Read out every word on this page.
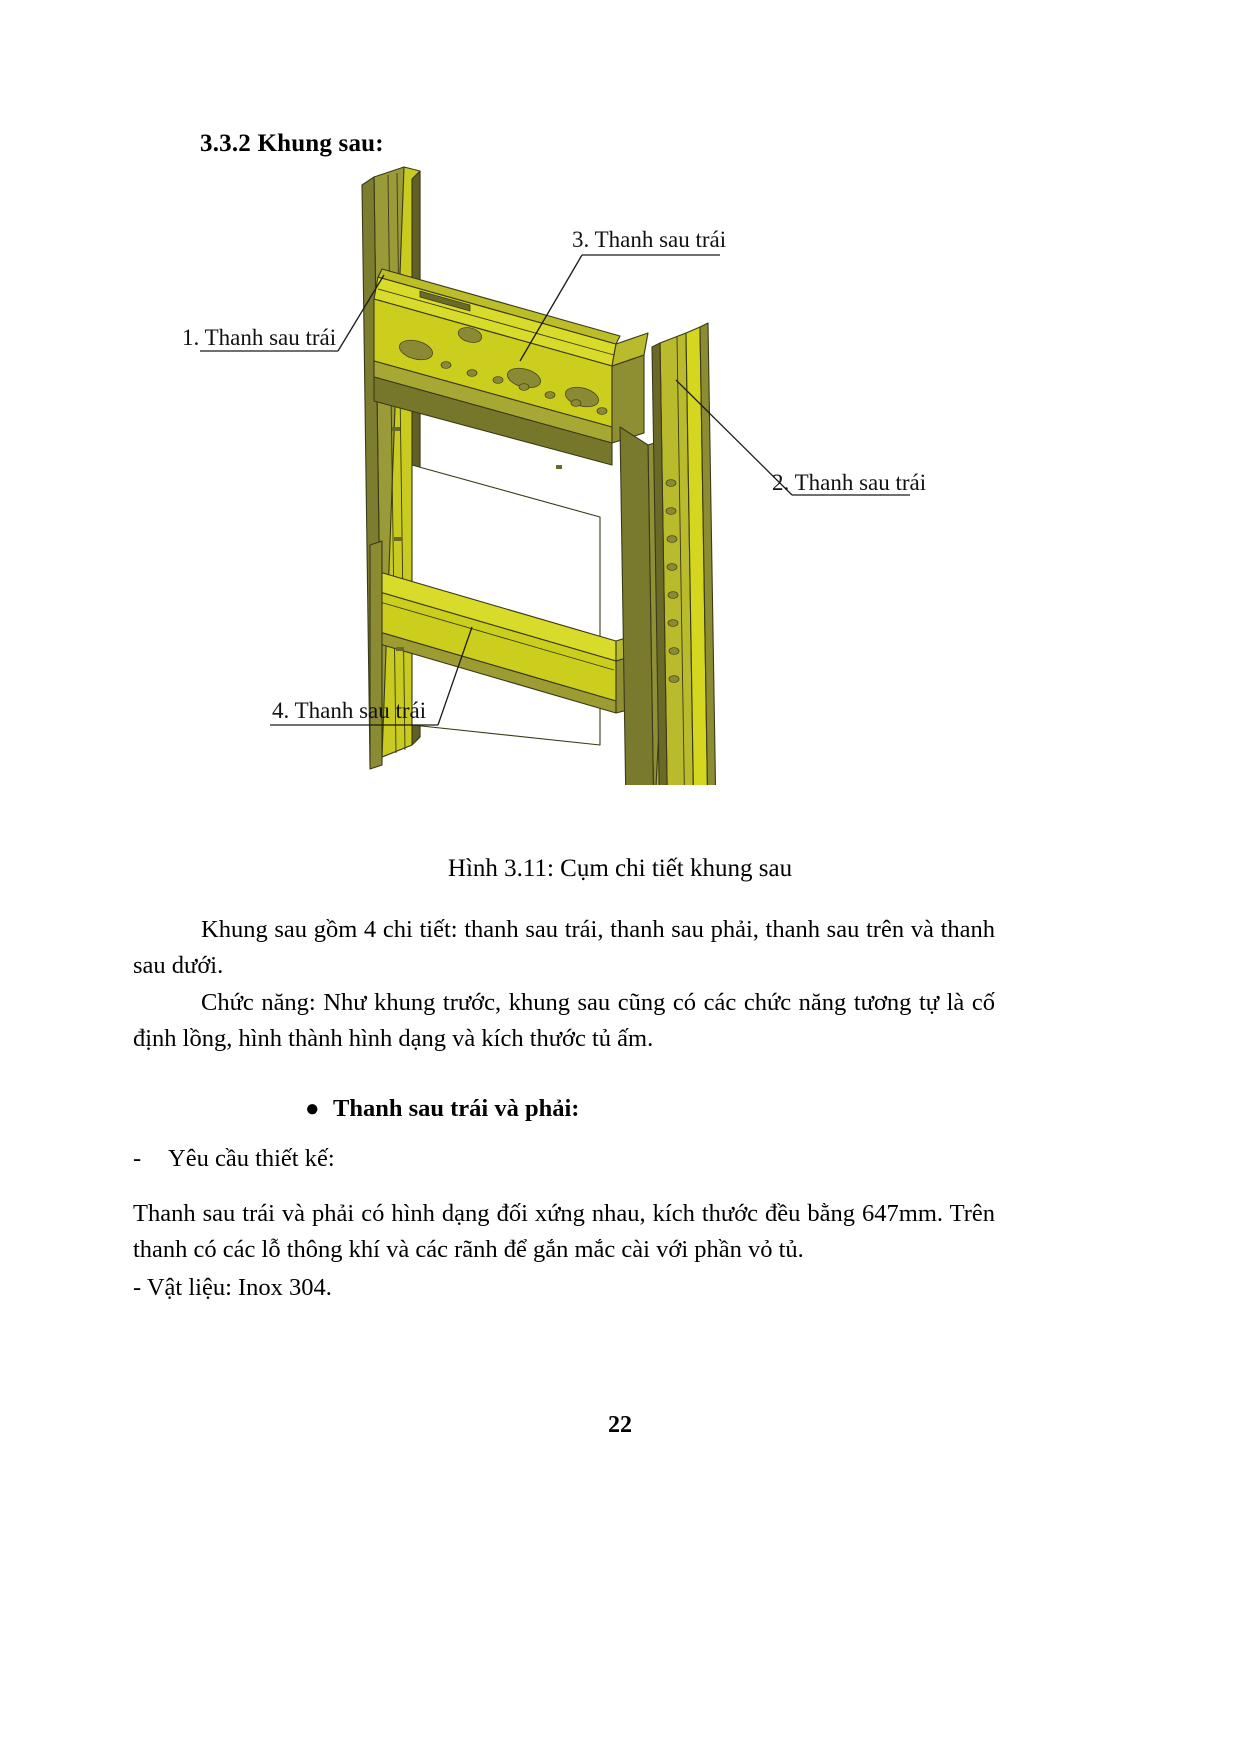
3.3.2 Khung sau:
1. Thanh sau trái
3. Thanh sau trái
2. Thanh sau trái
4. Thanh sau trái
Hình 3.11: Cụm chi tiết khung sau
Khung sau gồm 4 chi tiết: thanh sau trái, thanh sau phải, thanh sau trên và thanh sau dưới.
Chức năng: Như khung trước, khung sau cũng có các chức năng tương tự là cố định lồng, hình thành hình dạng và kích thước tủ ấm.
● Thanh sau trái và phải:
- Yêu cầu thiết kế:
Thanh sau trái và phải có hình dạng đối xứng nhau, kích thước đều bằng 647mm. Trên thanh có các lỗ thông khí và các rãnh để gắn mắc cài với phần vỏ tủ.
- Vật liệu: Inox 304.
22
